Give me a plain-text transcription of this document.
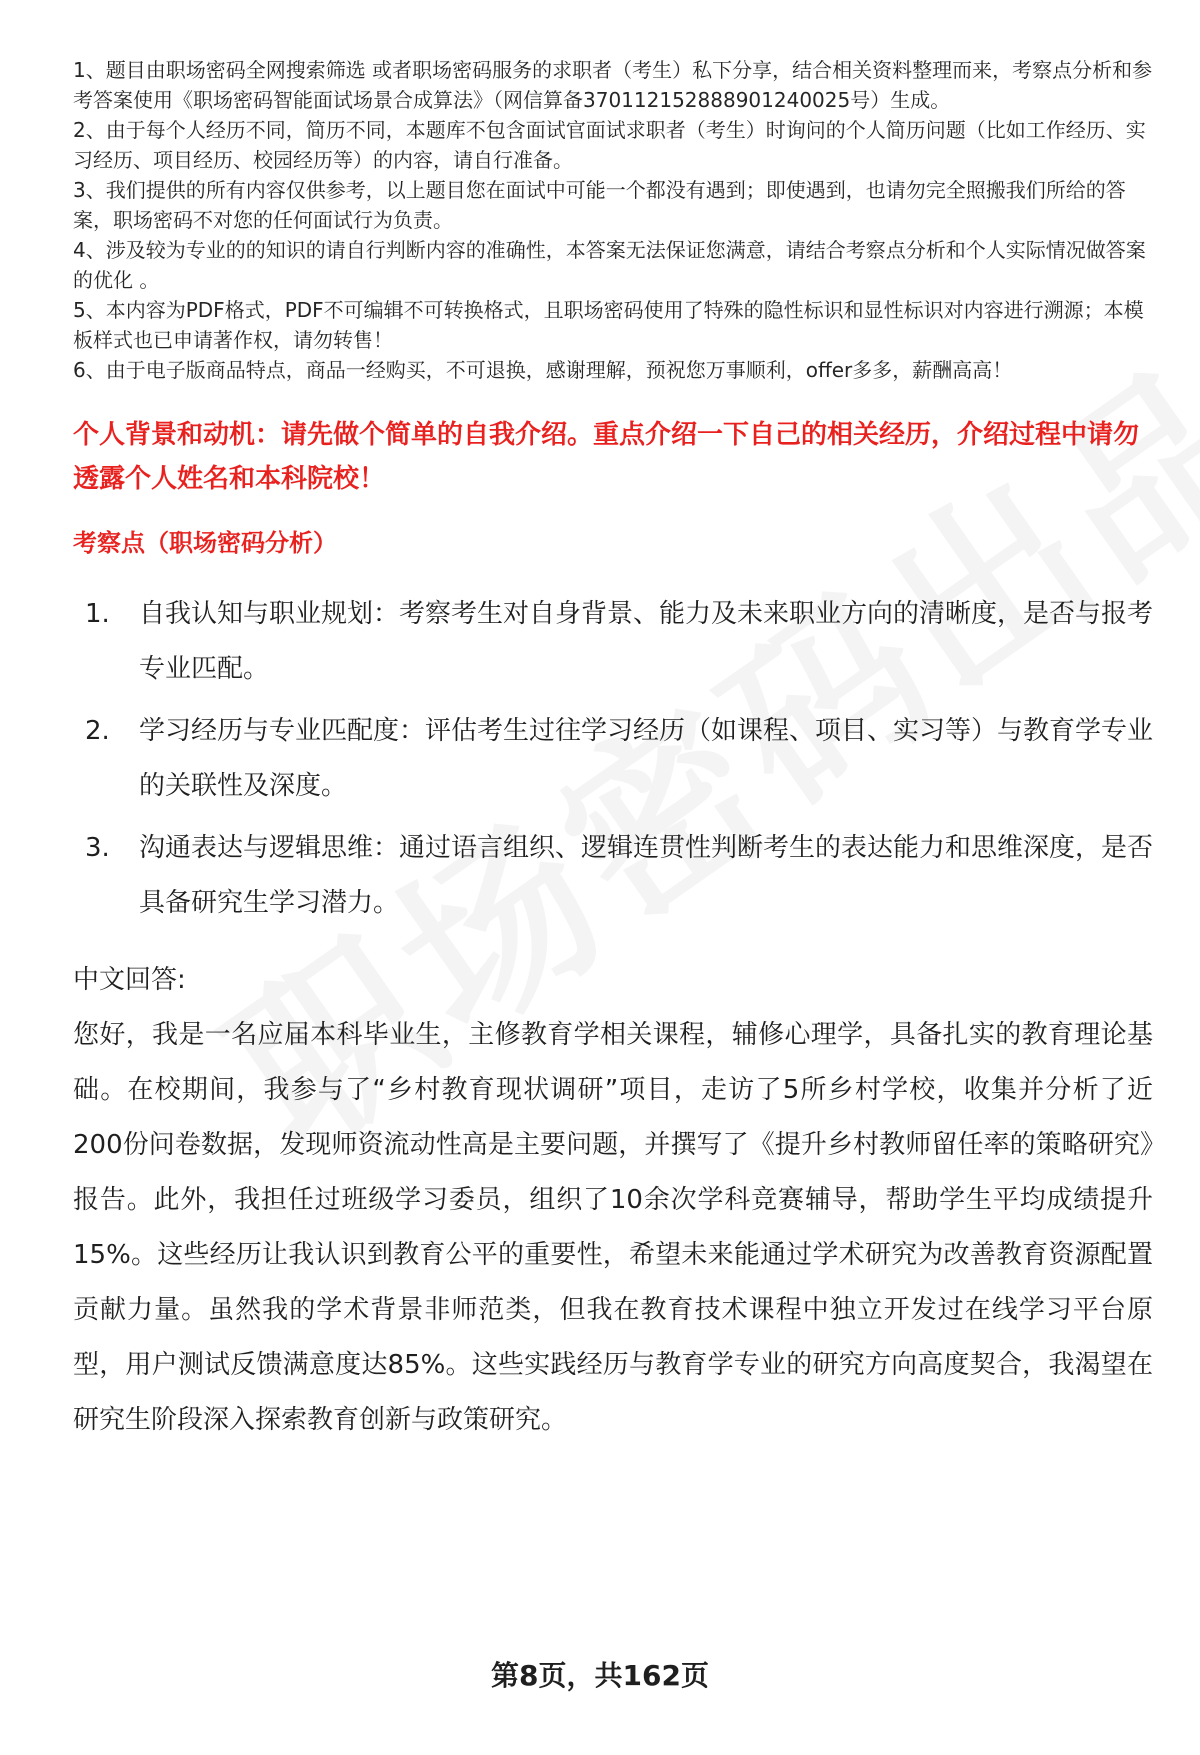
1、题目由职场密码全网搜索筛选 或者职场密码服务的求职者（考生）私下分享，结合相关资料整理而来，考察点分析和参考答案使用《职场密码智能面试场景合成算法》（网信算备370112152888901240025号）生成。
2、由于每个人经历不同，简历不同，本题库不包含面试官面试求职者（考生）时询问的个人简历问题（比如工作经历、实习经历、项目经历、校园经历等）的内容，请自行准备。
3、我们提供的所有内容仅供参考，以上题目您在面试中可能一个都没有遇到；即使遇到，也请勿完全照搬我们所给的答案，职场密码不对您的任何面试行为负责。
4、涉及较为专业的的知识的请自行判断内容的准确性，本答案无法保证您满意，请结合考察点分析和个人实际情况做答案的优化 。
5、本内容为PDF格式，PDF不可编辑不可转换格式，且职场密码使用了特殊的隐性标识和显性标识对内容进行溯源；本模板样式也已申请著作权，请勿转售！
6、由于电子版商品特点，商品一经购买，不可退换，感谢理解，预祝您万事顺利，offer多多，薪酬高高！
个人背景和动机：请先做个简单的自我介绍。重点介绍一下自己的相关经历，介绍过程中请勿透露个人姓名和本科院校！
考察点（职场密码分析）
1.	自我认知与职业规划：考察考生对自身背景、能力及未来职业方向的清晰度，是否与报考专业匹配。
2.	学习经历与专业匹配度：评估考生过往学习经历（如课程、项目、实习等）与教育学专业的关联性及深度。
3.	沟通表达与逻辑思维：通过语言组织、逻辑连贯性判断考生的表达能力和思维深度，是否具备研究生学习潜力。
中文回答:
您好，我是一名应届本科毕业生，主修教育学相关课程，辅修心理学，具备扎实的教育理论基础。在校期间，我参与了“乡村教育现状调研”项目，走访了5所乡村学校，收集并分析了近200份问卷数据，发现师资流动性高是主要问题，并撰写了《提升乡村教师留任率的策略研究》报告。此外，我担任过班级学习委员，组织了10余次学科竞赛辅导，帮助学生平均成绩提升15%。这些经历让我认识到教育公平的重要性，希望未来能通过学术研究为改善教育资源配置贡献力量。虽然我的学术背景非师范类，但我在教育技术课程中独立开发过在线学习平台原型，用户测试反馈满意度达85%。这些实践经历与教育学专业的研究方向高度契合，我渴望在研究生阶段深入探索教育创新与政策研究。
第8页，共162页
